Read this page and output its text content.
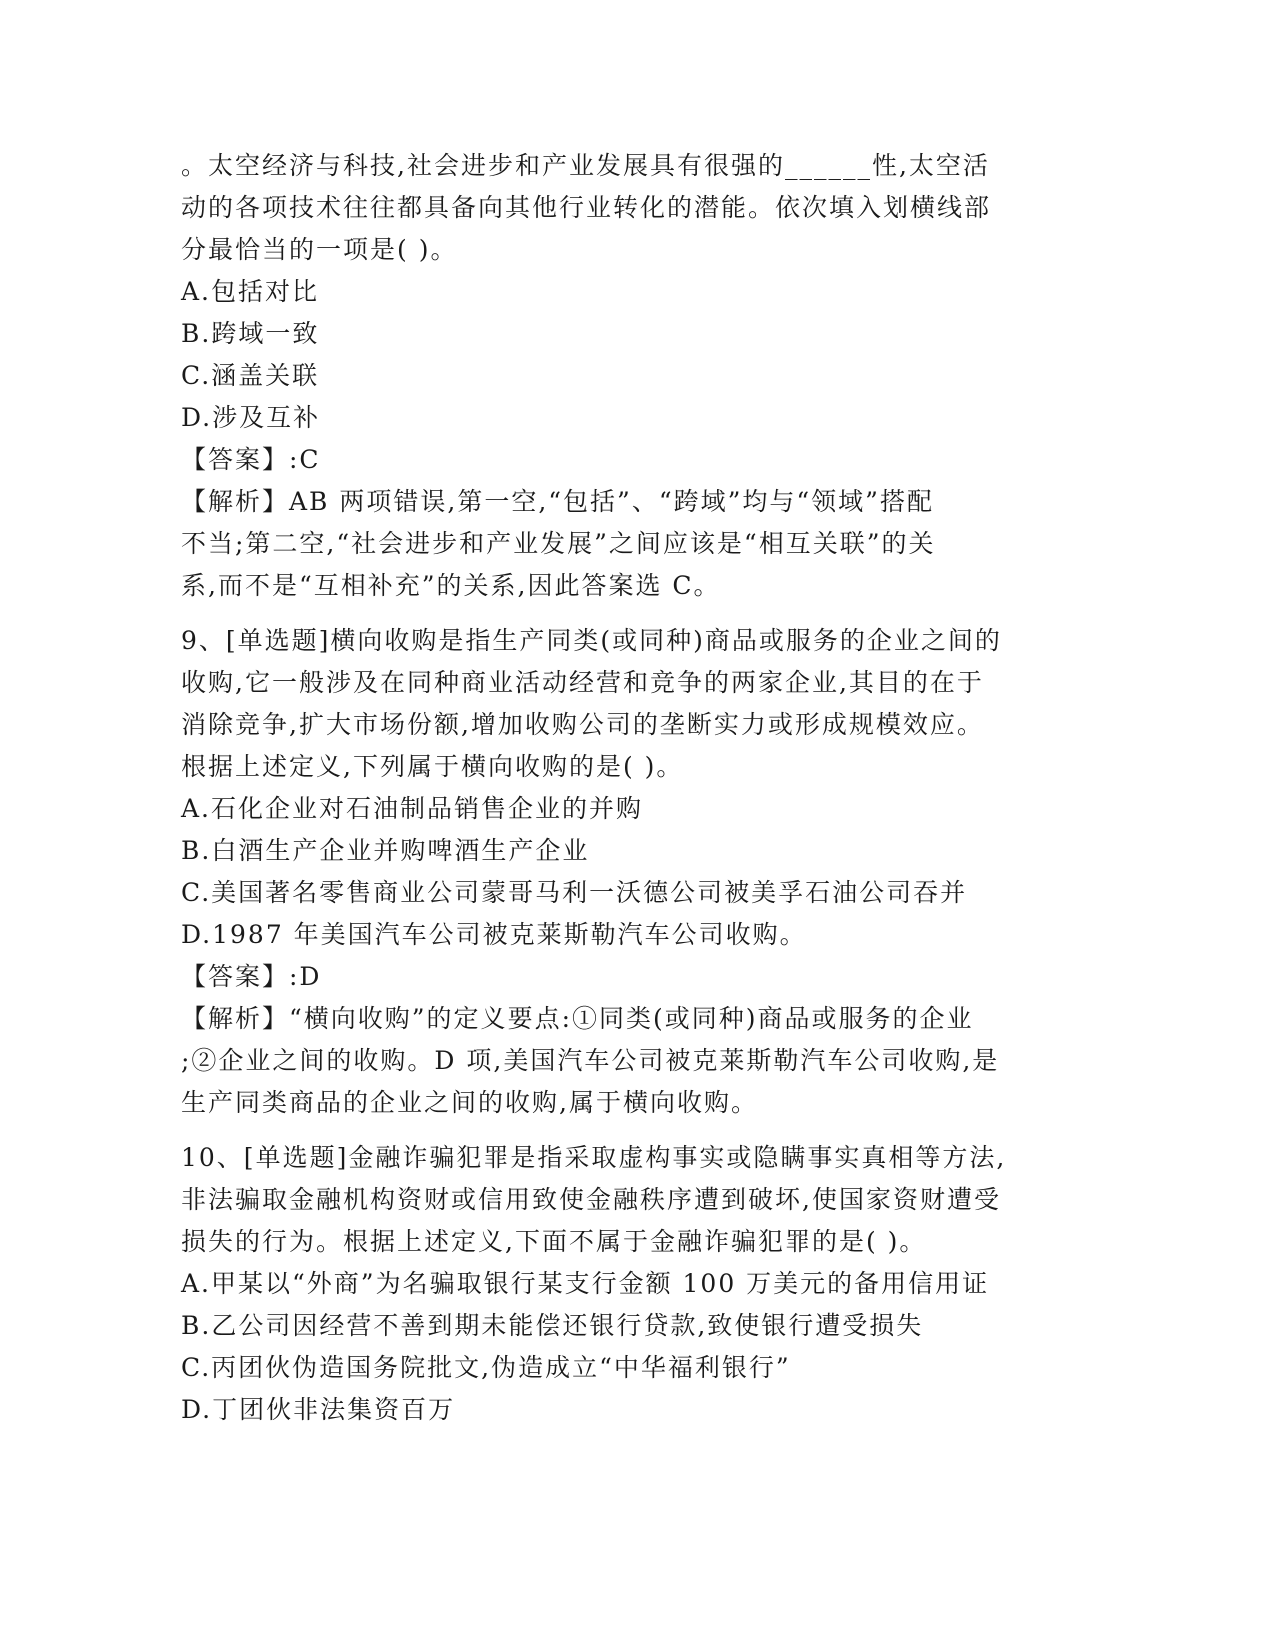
。太空经济与科技,社会进步和产业发展具有很强的______性,太空活
动的各项技术往往都具备向其他行业转化的潜能。依次填入划横线部
分最恰当的一项是( )。
A.包括对比
B.跨域一致
C.涵盖关联
D.涉及互补
【答案】:C
【解析】AB 两项错误,第一空,“包括”、“跨域”均与“领域”搭配
不当;第二空,“社会进步和产业发展”之间应该是“相互关联”的关
系,而不是“互相补充”的关系,因此答案选 C。
9、[单选题]横向收购是指生产同类(或同种)商品或服务的企业之间的
收购,它一般涉及在同种商业活动经营和竞争的两家企业,其目的在于
消除竞争,扩大市场份额,增加收购公司的垄断实力或形成规模效应。
根据上述定义,下列属于横向收购的是( )。
A.石化企业对石油制品销售企业的并购
B.白酒生产企业并购啤酒生产企业
C.美国著名零售商业公司蒙哥马利一沃德公司被美孚石油公司吞并
D.1987 年美国汽车公司被克莱斯勒汽车公司收购。
【答案】:D
【解析】“横向收购”的定义要点:①同类(或同种)商品或服务的企业
;②企业之间的收购。D 项,美国汽车公司被克莱斯勒汽车公司收购,是
生产同类商品的企业之间的收购,属于横向收购。
10、[单选题]金融诈骗犯罪是指采取虚构事实或隐瞒事实真相等方法,
非法骗取金融机构资财或信用致使金融秩序遭到破坏,使国家资财遭受
损失的行为。根据上述定义,下面不属于金融诈骗犯罪的是( )。
A.甲某以“外商”为名骗取银行某支行金额 100 万美元的备用信用证
B.乙公司因经营不善到期未能偿还银行贷款,致使银行遭受损失
C.丙团伙伪造国务院批文,伪造成立“中华福利银行”
D.丁团伙非法集资百万
